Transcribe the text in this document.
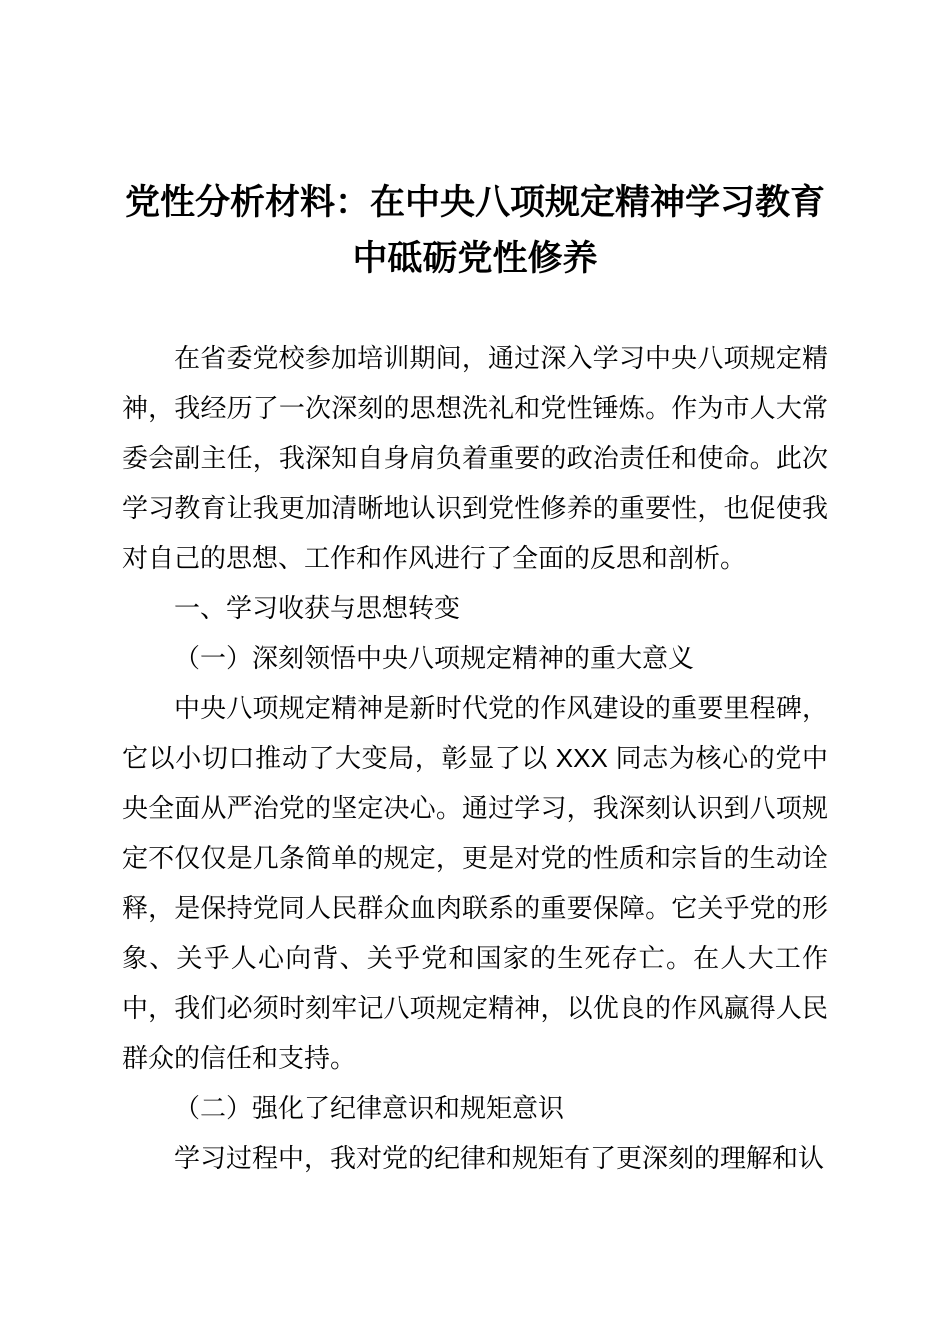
党性分析材料：在中央八项规定精神学习教育中砥砺党性修养

在省委党校参加培训期间，通过深入学习中央八项规定精神，我经历了一次深刻的思想洗礼和党性锤炼。作为市人大常委会副主任，我深知自身肩负着重要的政治责任和使命。此次学习教育让我更加清晰地认识到党性修养的重要性，也促使我对自己的思想、工作和作风进行了全面的反思和剖析。

一、学习收获与思想转变

（一）深刻领悟中央八项规定精神的重大意义

中央八项规定精神是新时代党的作风建设的重要里程碑，它以小切口推动了大变局，彰显了以 XXX 同志为核心的党中央全面从严治党的坚定决心。通过学习，我深刻认识到八项规定不仅仅是几条简单的规定，更是对党的性质和宗旨的生动诠释，是保持党同人民群众血肉联系的重要保障。它关乎党的形象、关乎人心向背、关乎党和国家的生死存亡。在人大工作中，我们必须时刻牢记八项规定精神，以优良的作风赢得人民群众的信任和支持。

（二）强化了纪律意识和规矩意识

学习过程中，我对党的纪律和规矩有了更深刻的理解和认
